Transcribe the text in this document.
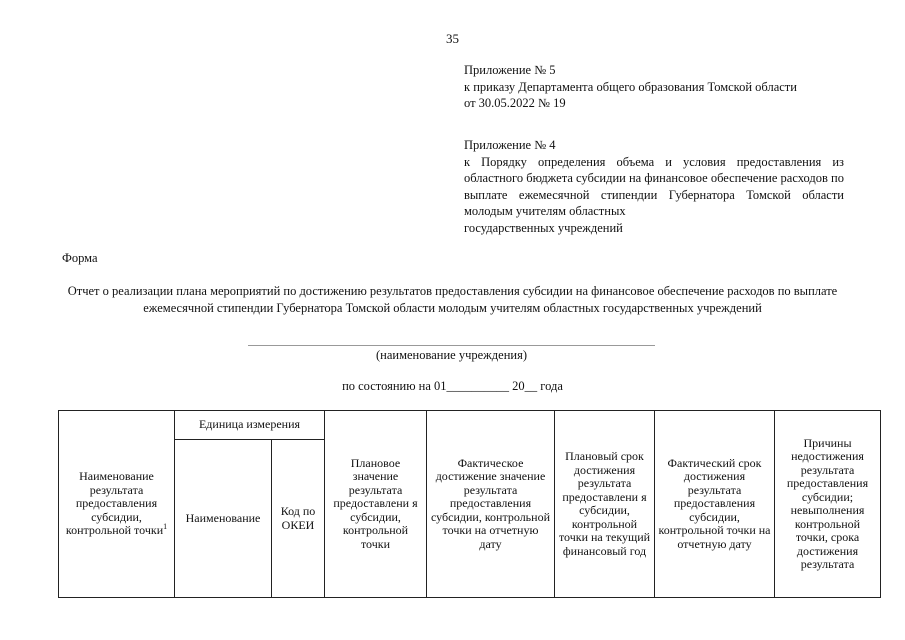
35
Приложение № 5
к приказу Департамента общего образования Томской области
от 30.05.2022 № 19
Приложение № 4
к Порядку определения объема и условия предоставления из областного бюджета субсидии на финансовое обеспечение расходов по выплате ежемесячной стипендии Губернатора Томской области молодым учителям областных
государственных учреждений
Форма
Отчет о реализации плана мероприятий по достижению результатов предоставления субсидии на финансовое обеспечение расходов по выплате ежемесячной стипендии Губернатора Томской области молодым учителям областных государственных учреждений
(наименование учреждения)
по состоянию на 01__________ 20__ года
Наименование результата предоставления субсидии, контрольной точки$^1$	Единица измерения		Плановое значение результата предоставлени я субсидии, контрольной точки	Фактическое достижение значение результата предоставления субсидии, контрольной точки на отчетную дату	Плановый срок достижения результата предоставлени я субсидии, контрольной точки на текущий финансовый год	Фактический срок достижения результата предоставления субсидии, контрольной точки на отчетную дату	Причины недостижения результата предоставления субсидии; невыполнения контрольной точки, срока достижения результата
	Наименование	Код по ОКЕИ					
